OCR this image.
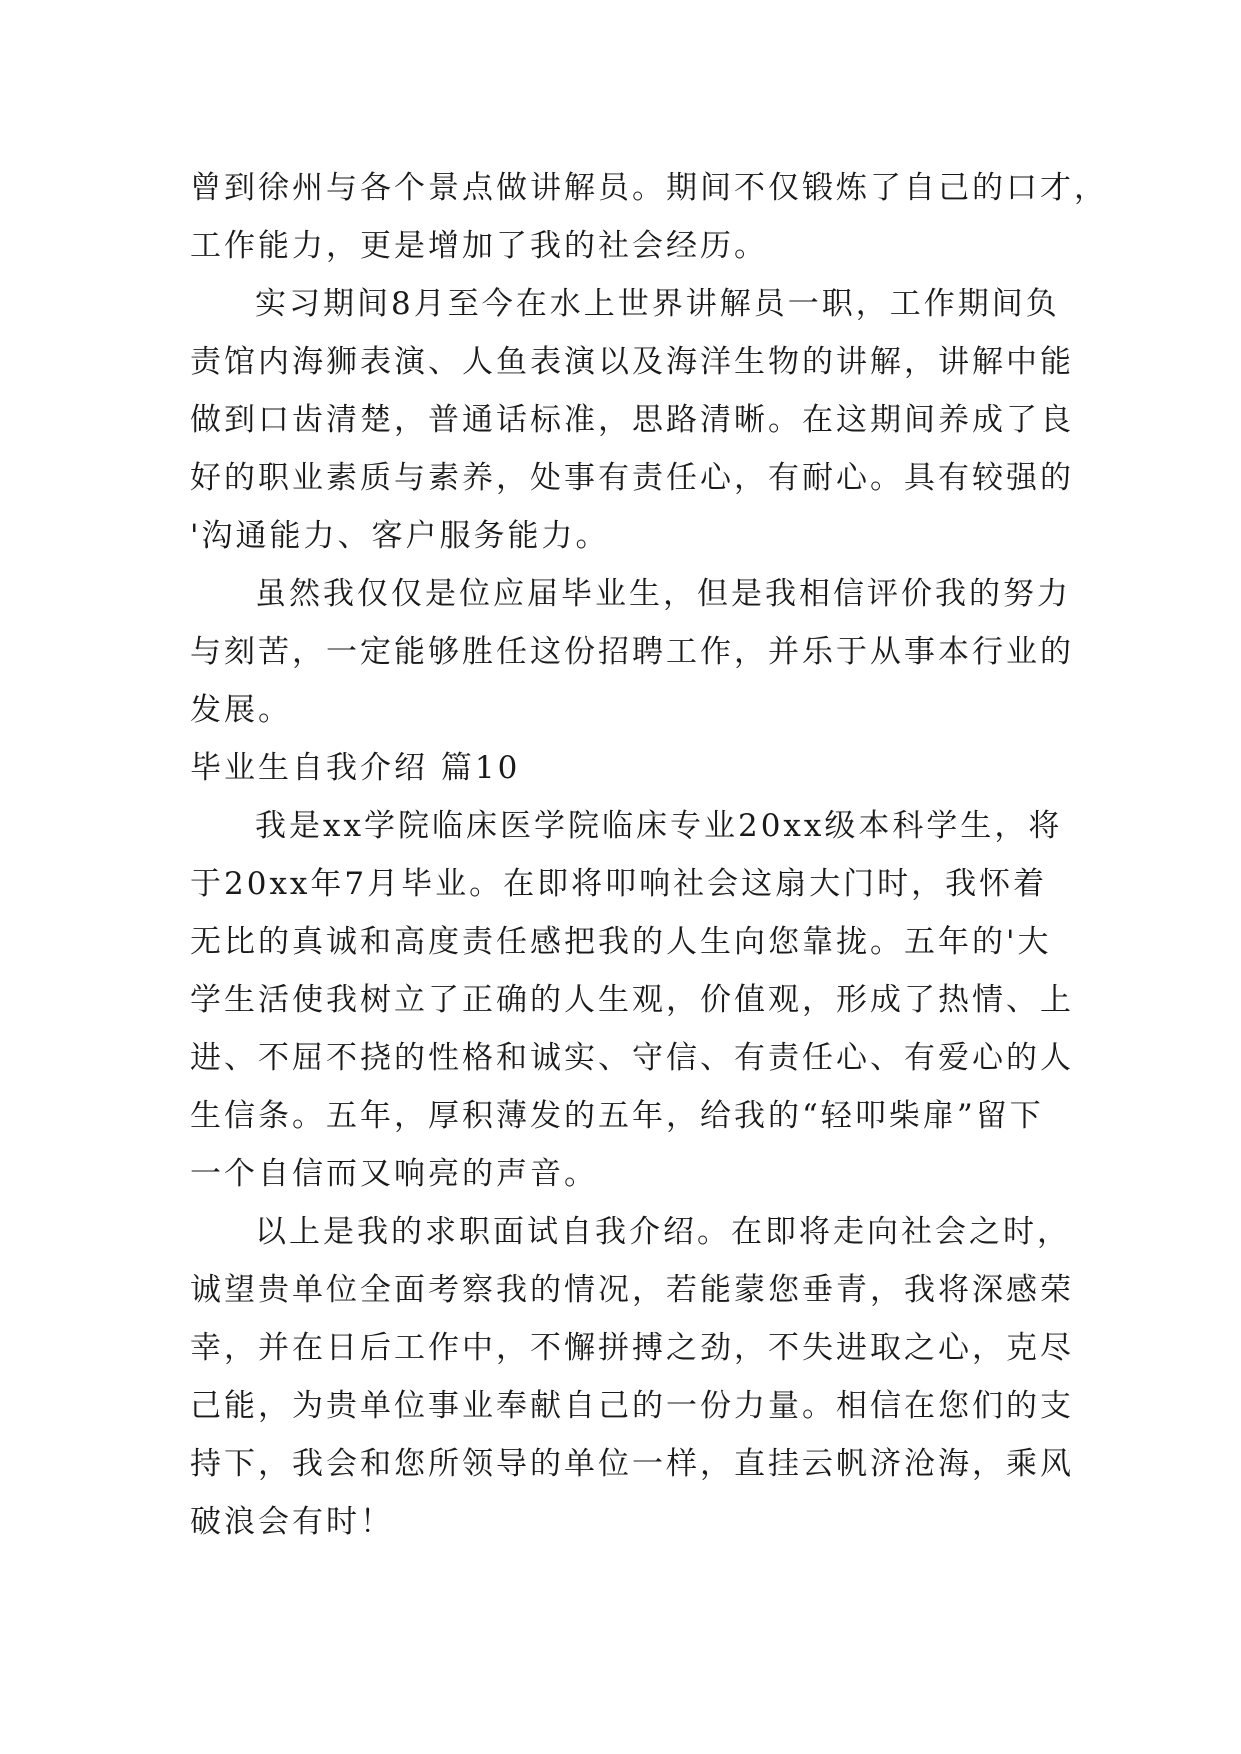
曾到徐州与各个景点做讲解员。期间不仅锻炼了自己的口才，
工作能力，更是增加了我的社会经历。
实习期间8月至今在水上世界讲解员一职，工作期间负
责馆内海狮表演、人鱼表演以及海洋生物的讲解，讲解中能
做到口齿清楚，普通话标准，思路清晰。在这期间养成了良
好的职业素质与素养，处事有责任心，有耐心。具有较强的
'沟通能力、客户服务能力。
虽然我仅仅是位应届毕业生，但是我相信评价我的努力
与刻苦，一定能够胜任这份招聘工作，并乐于从事本行业的
发展。
毕业生自我介绍 篇10
我是xx学院临床医学院临床专业20xx级本科学生，将
于20xx年7月毕业。在即将叩响社会这扇大门时，我怀着
无比的真诚和高度责任感把我的人生向您靠拢。五年的'大
学生活使我树立了正确的人生观，价值观，形成了热情、上
进、不屈不挠的性格和诚实、守信、有责任心、有爱心的人
生信条。五年，厚积薄发的五年，给我的“轻叩柴扉”留下
一个自信而又响亮的声音。
以上是我的求职面试自我介绍。在即将走向社会之时，
诚望贵单位全面考察我的情况，若能蒙您垂青，我将深感荣
幸，并在日后工作中，不懈拼搏之劲，不失进取之心，克尽
己能，为贵单位事业奉献自己的一份力量。相信在您们的支
持下，我会和您所领导的单位一样，直挂云帆济沧海，乘风
破浪会有时！
